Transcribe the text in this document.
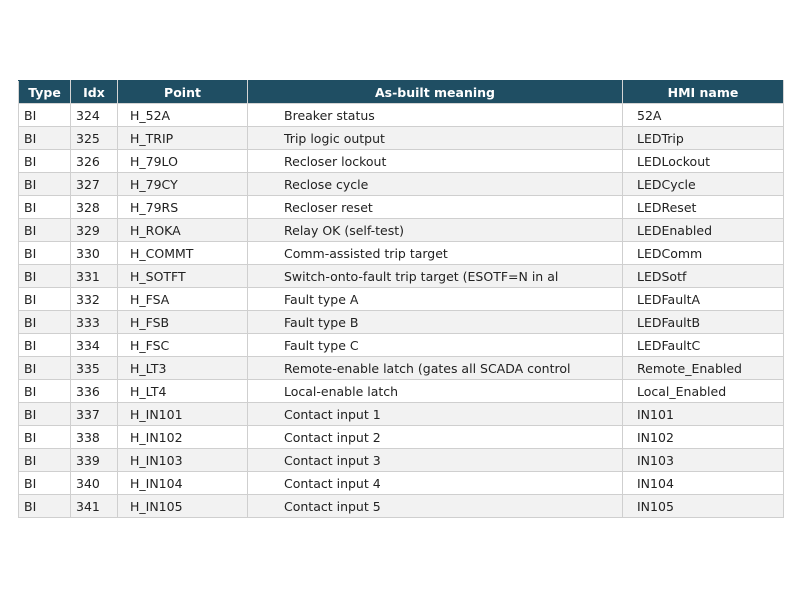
Type	Idx	Point	As-built meaning	HMI name
BI	324	H_52A	Breaker status	52A
BI	325	H_TRIP	Trip logic output	LEDTrip
BI	326	H_79LO	Recloser lockout	LEDLockout
BI	327	H_79CY	Reclose cycle	LEDCycle
BI	328	H_79RS	Recloser reset	LEDReset
BI	329	H_ROKA	Relay OK (self-test)	LEDEnabled
BI	330	H_COMMT	Comm-assisted trip target	LEDComm
BI	331	H_SOTFT	Switch-onto-fault trip target (ESOTF=N in al	LEDSotf
BI	332	H_FSA	Fault type A	LEDFaultA
BI	333	H_FSB	Fault type B	LEDFaultB
BI	334	H_FSC	Fault type C	LEDFaultC
BI	335	H_LT3	Remote-enable latch (gates all SCADA control	Remote_Enabled
BI	336	H_LT4	Local-enable latch	Local_Enabled
BI	337	H_IN101	Contact input 1	IN101
BI	338	H_IN102	Contact input 2	IN102
BI	339	H_IN103	Contact input 3	IN103
BI	340	H_IN104	Contact input 4	IN104
BI	341	H_IN105	Contact input 5	IN105
